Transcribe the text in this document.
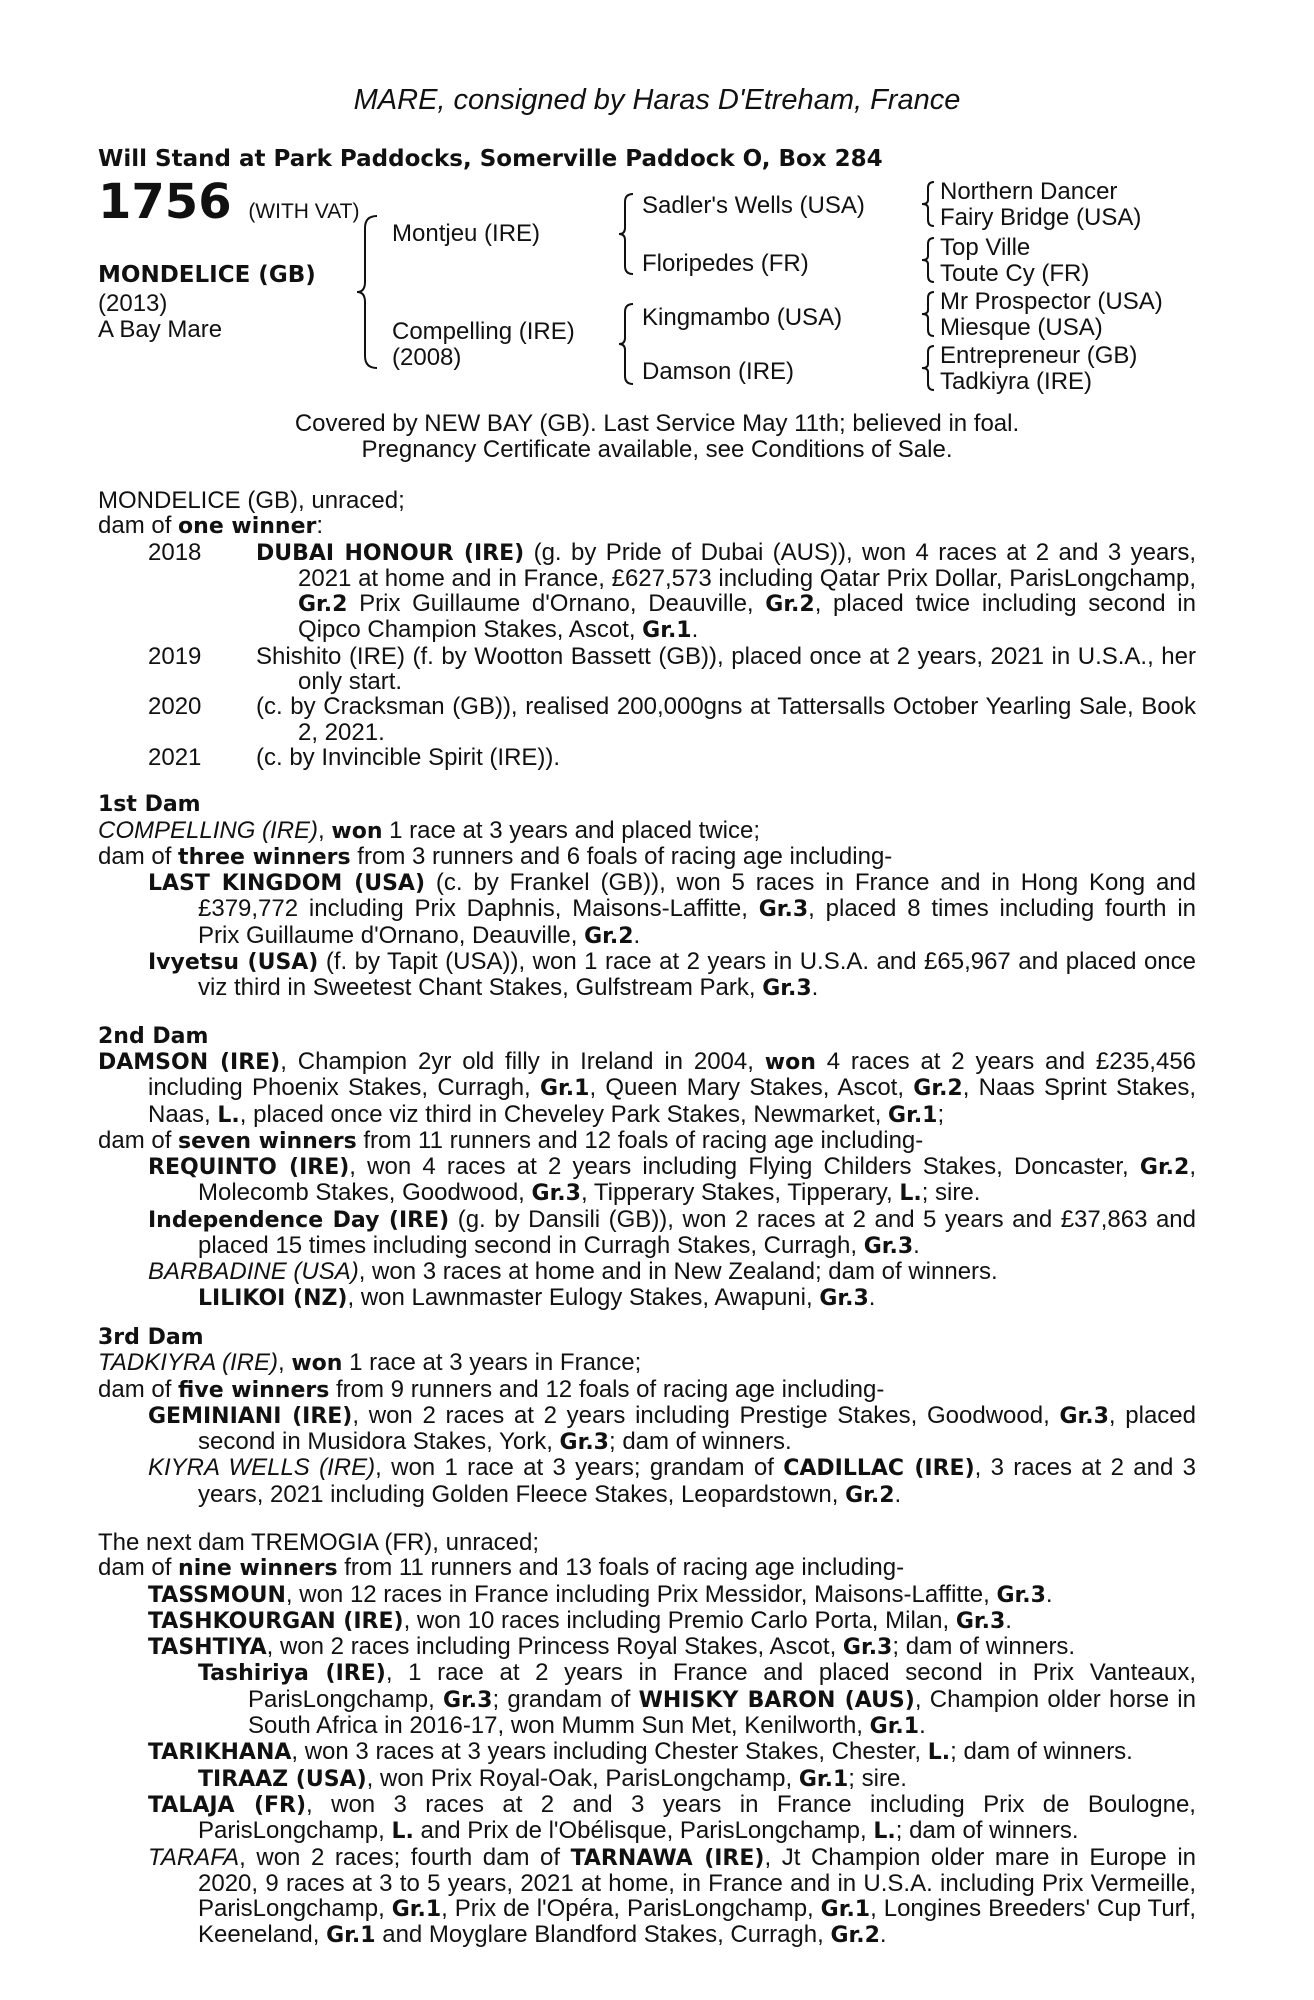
MARE, consigned by Haras D'Etreham, France
Will Stand at Park Paddocks, Somerville Paddock O, Box 284
1756 (WITH VAT)
MONDELICE (GB)
(2013)
A Bay Mare
Montjeu (IRE)
Compelling (IRE)
(2008)
Sadler's Wells (USA)
Floripedes (FR)
Kingmambo (USA)
Damson (IRE)
Northern Dancer
Fairy Bridge (USA)
Top Ville
Toute Cy (FR)
Mr Prospector (USA)
Miesque (USA)
Entrepreneur (GB)
Tadkiyra (IRE)
Covered by NEW BAY (GB). Last Service May 11th; believed in foal.
Pregnancy Certificate available, see Conditions of Sale.

MONDELICE (GB), unraced;

dam of one winner:

2018	DUBAI HONOUR (IRE) (g. by Pride of Dubai (AUS)), won 4 races at 2 and 3 years, 2021 at home and in France, £627,573 including Qatar Prix Dollar, ParisLongchamp, Gr.2 Prix Guillaume d'Ornano, Deauville, Gr.2, placed twice including second in Qipco Champion Stakes, Ascot, Gr.1.
2019	Shishito (IRE) (f. by Wootton Bassett (GB)), placed once at 2 years, 2021 in U.S.A., her only start.
2020	(c. by Cracksman (GB)), realised 200,000gns at Tattersalls October Yearling Sale, Book 2, 2021.
2021	(c. by Invincible Spirit (IRE)).

1st Dam

COMPELLING (IRE), won 1 race at 3 years and placed twice;

dam of three winners from 3 runners and 6 foals of racing age including-

LAST KINGDOM (USA) (c. by Frankel (GB)), won 5 races in France and in Hong Kong and £379,772 including Prix Daphnis, Maisons-Laffitte, Gr.3, placed 8 times including fourth in Prix Guillaume d'Ornano, Deauville, Gr.2.

Ivyetsu (USA) (f. by Tapit (USA)), won 1 race at 2 years in U.S.A. and £65,967 and placed once viz third in Sweetest Chant Stakes, Gulfstream Park, Gr.3.

2nd Dam

DAMSON (IRE), Champion 2yr old filly in Ireland in 2004, won 4 races at 2 years and £235,456 including Phoenix Stakes, Curragh, Gr.1, Queen Mary Stakes, Ascot, Gr.2, Naas Sprint Stakes, Naas, L., placed once viz third in Cheveley Park Stakes, Newmarket, Gr.1;

dam of seven winners from 11 runners and 12 foals of racing age including-

REQUINTO (IRE), won 4 races at 2 years including Flying Childers Stakes, Doncaster, Gr.2, Molecomb Stakes, Goodwood, Gr.3, Tipperary Stakes, Tipperary, L.; sire.

Independence Day (IRE) (g. by Dansili (GB)), won 2 races at 2 and 5 years and £37,863 and placed 15 times including second in Curragh Stakes, Curragh, Gr.3.

BARBADINE (USA), won 3 races at home and in New Zealand; dam of winners.

LILIKOI (NZ), won Lawnmaster Eulogy Stakes, Awapuni, Gr.3.

3rd Dam

TADKIYRA (IRE), won 1 race at 3 years in France;

dam of five winners from 9 runners and 12 foals of racing age including-

GEMINIANI (IRE), won 2 races at 2 years including Prestige Stakes, Goodwood, Gr.3, placed second in Musidora Stakes, York, Gr.3; dam of winners.

KIYRA WELLS (IRE), won 1 race at 3 years; grandam of CADILLAC (IRE), 3 races at 2 and 3 years, 2021 including Golden Fleece Stakes, Leopardstown, Gr.2.

The next dam TREMOGIA (FR), unraced;

dam of nine winners from 11 runners and 13 foals of racing age including-

TASSMOUN, won 12 races in France including Prix Messidor, Maisons-Laffitte, Gr.3.

TASHKOURGAN (IRE), won 10 races including Premio Carlo Porta, Milan, Gr.3.

TASHTIYA, won 2 races including Princess Royal Stakes, Ascot, Gr.3; dam of winners.

Tashiriya (IRE), 1 race at 2 years in France and placed second in Prix Vanteaux, ParisLongchamp, Gr.3; grandam of WHISKY BARON (AUS), Champion older horse in South Africa in 2016-17, won Mumm Sun Met, Kenilworth, Gr.1.

TARIKHANA, won 3 races at 3 years including Chester Stakes, Chester, L.; dam of winners.

TIRAAZ (USA), won Prix Royal-Oak, ParisLongchamp, Gr.1; sire.

TALAJA (FR), won 3 races at 2 and 3 years in France including Prix de Boulogne, ParisLongchamp, L. and Prix de l'Obélisque, ParisLongchamp, L.; dam of winners.

TARAFA, won 2 races; fourth dam of TARNAWA (IRE), Jt Champion older mare in Europe in 2020, 9 races at 3 to 5 years, 2021 at home, in France and in U.S.A. including Prix Vermeille, ParisLongchamp, Gr.1, Prix de l'Opéra, ParisLongchamp, Gr.1, Longines Breeders' Cup Turf, Keeneland, Gr.1 and Moyglare Blandford Stakes, Curragh, Gr.2.
